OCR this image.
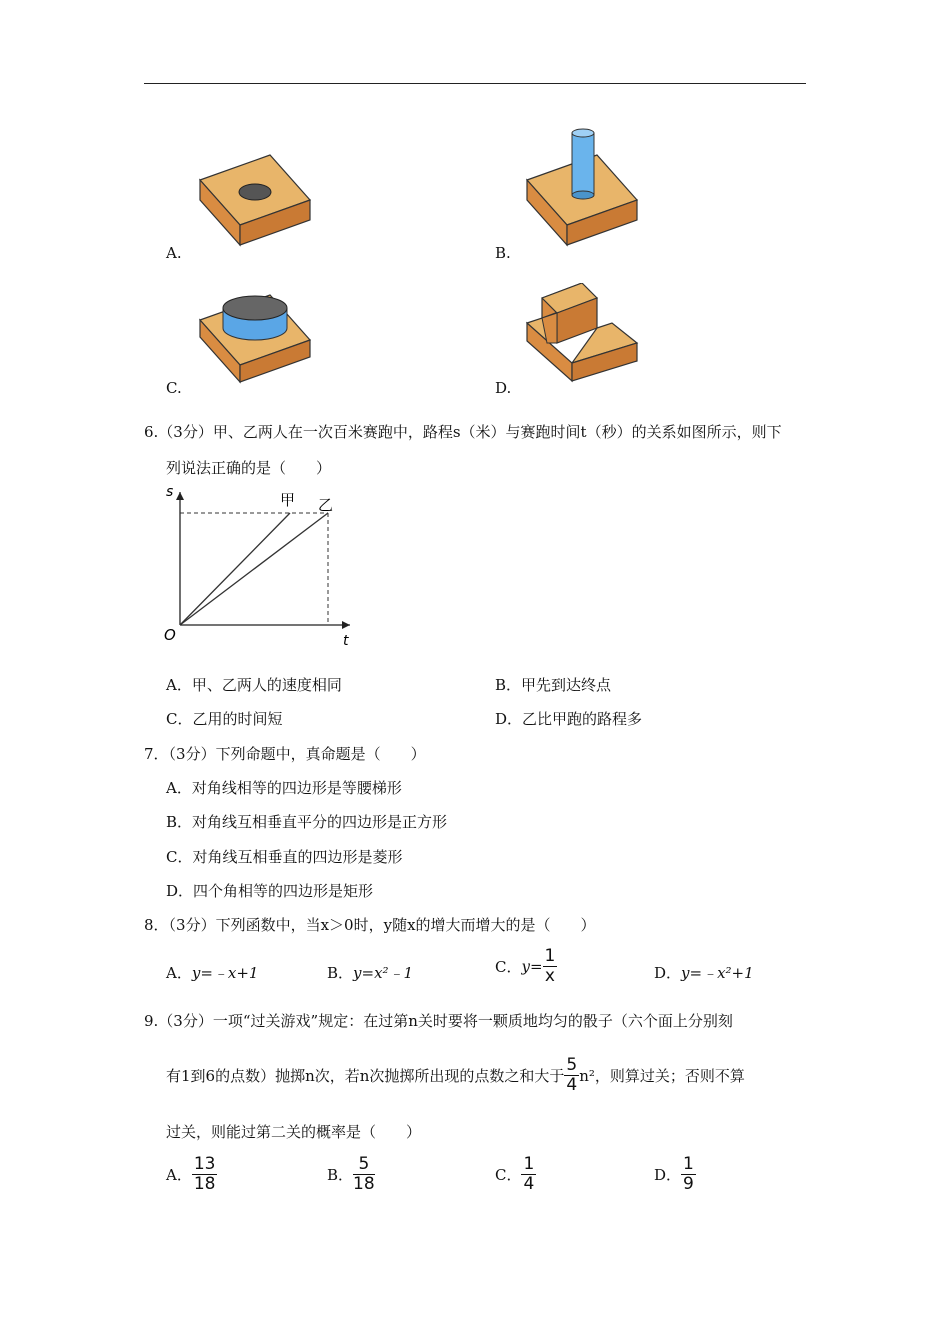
A.	B.
C.	D.
6.（3分）甲、乙两人在一次百米赛跑中，路程s（米）与赛跑时间t（秒）的关系如图所示，则下
列说法正确的是（　　）
s
t
O
甲 乙
A．甲、乙两人的速度相同	B．甲先到达终点
C．乙用的时间短	D．乙比甲跑的路程多
7．（3分）下列命题中，真命题是（　　）
A．对角线相等的四边形是等腰梯形
B．对角线互相垂直平分的四边形是正方形
C．对角线互相垂直的四边形是菱形
D．四个角相等的四边形是矩形
8．（3分）下列函数中，当x＞0时，y随x的增大而增大的是（　　）
A．y=﹣x+1	B．y=x²﹣1	C．$y= \frac{1}{x}$	D．y=﹣x²+1
9.（3分）一项“过关游戏”规定：在过第n关时要将一颗质地均匀的骰子（六个面上分别刻
有1到6的点数）抛掷n次，若n次抛掷所出现的点数之和大于 $\frac{5}{4} n^2$，则算过关；否则不算
过关，则能过第二关的概率是（　　）
A． $\frac{13}{18}$	B． $\frac{5}{18}$	C． $\frac{1}{4}$	D． $\frac{1}{9}$
